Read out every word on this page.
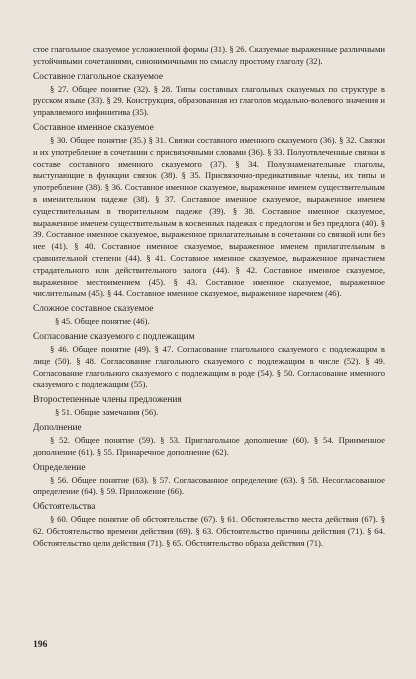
стое глагольное сказуемое усложненной формы (31). § 26. Сказуемые выраженные различными устойчивыми сочетаниями, синонимичными по смыслу простому глаголу (32).

Составное глагольное сказуемое

§ 27. Общее понятие (32). § 28. Типы составных глагольных сказуемых по структуре в русском языке (33). § 29. Конструкция, образованная из глаголов модально-волевого значения и управляемого инфинитива (35).

Составное именное сказуемое

§ 30. Общее понятие (35.) § 31. Связки составного именного сказуемого (36). § 32. Связки и их употребление в сочетании с присвязочными словами (36). § 33. Полуотвлеченные связки в составе составного именного сказуемого (37). § 34. Полузнаменательные глаголы, выступающие в функции связок (38). § 35. Присвязочно-предикативные члены, их типы и употребление (38). § 36. Составное именное сказуемое, выраженное именем существительным в именительном падеже (38). § 37. Составное именное сказуемое, выраженное именем существительным в творительном падеже (39). § 38. Составное именное сказуемое, выраженное именем существительным в косвенных падежах с предлогом и без предлога (40). § 39. Составное именное сказуемое, выраженное прилагательным в сочетании со связкой или без нее (41). § 40. Составное именное сказуемое, выраженное именем прилагательным в сравнительной степени (44). § 41. Составное именное сказуемое, выраженное причастием страдательного или действительного залога (44). § 42. Составное именное сказуемое, выраженное местоимением (45). § 43. Составное именное сказуемое, выраженное числительным (45). § 44. Составное именное сказуемое, выраженное наречием (46).

Сложное составное сказуемое

§ 45. Общее понятие (46).

Согласование сказуемого с подлежащим

§ 46. Общее понятие (49). § 47. Согласование глагольного сказуемого с подлежащим в лице (50). § 48. Согласование глагольного сказуемого с подлежащим в числе (52). § 49. Согласование глагольного сказуемого с подлежащим в роде (54). § 50. Согласование именного сказуемого с подлежащим (55).

Второстепенные члены предложения

§ 51. Общие замечания (56).

Дополнение

§ 52. Общее понятие (59). § 53. Приглагольное дополнение (60). § 54. Приименное дополнение (61). § 55. Принаречное дополнение (62).

Определение

§ 56. Общее понятие (63). § 57. Согласованное определение (63). § 58. Несогласованное определение (64). § 59. Приложение (66).

Обстоятельства

§ 60. Общее понятие об обстоятельстве (67). § 61. Обстоятельство места действия (67). § 62. Обстоятельство времени действия (69). § 63. Обстоятельство причины действия (71). § 64. Обстоятельство цели действия (71). § 65. Обстоятельство образа действия (71).

196
